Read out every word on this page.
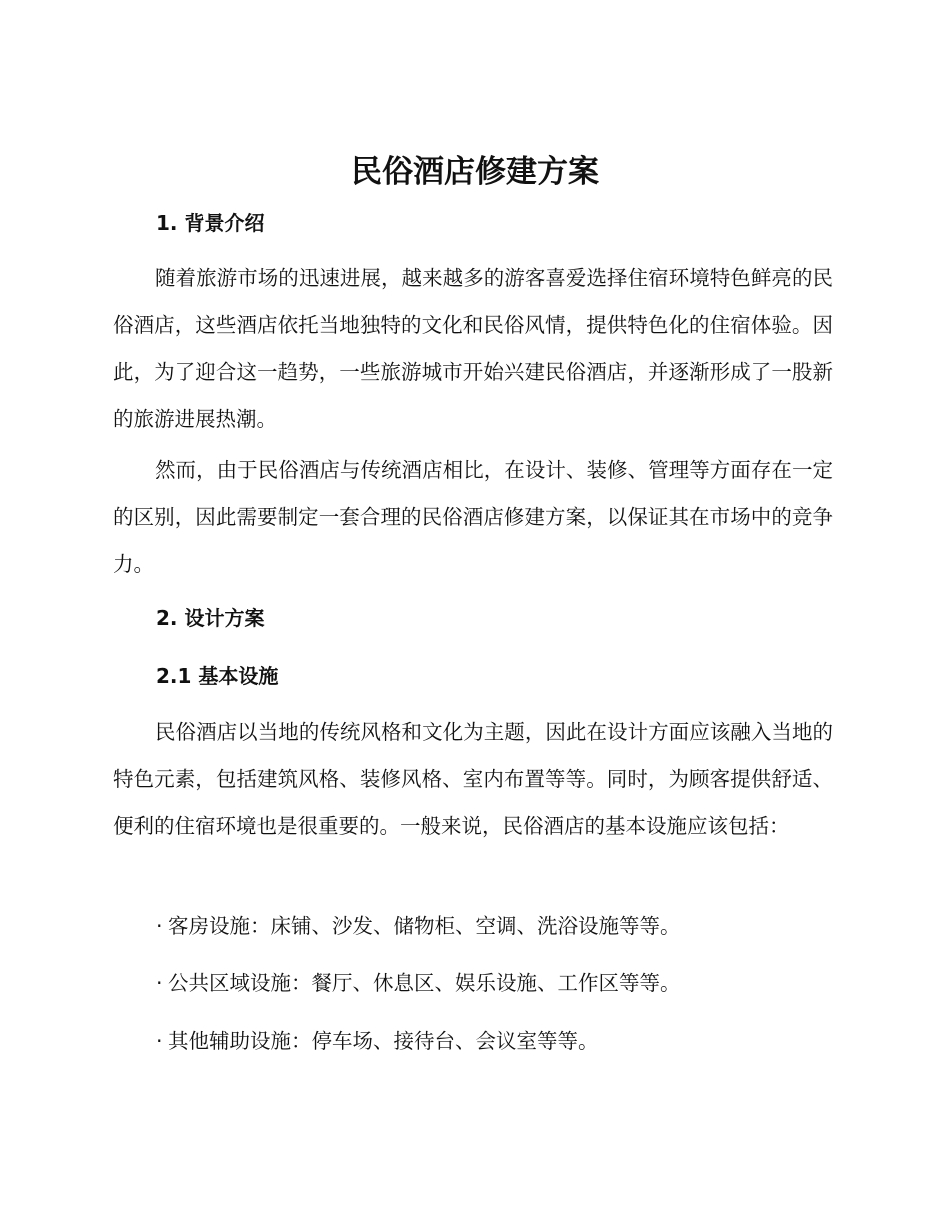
民俗酒店修建方案
1. 背景介绍

随着旅游市场的迅速进展，越来越多的游客喜爱选择住宿环境特色鲜亮的民俗酒店，这些酒店依托当地独特的文化和民俗风情，提供特色化的住宿体验。因此，为了迎合这一趋势，一些旅游城市开始兴建民俗酒店，并逐渐形成了一股新的旅游进展热潮。

然而，由于民俗酒店与传统酒店相比，在设计、装修、管理等方面存在一定的区别，因此需要制定一套合理的民俗酒店修建方案，以保证其在市场中的竞争力。

2. 设计方案
2.1 基本设施

民俗酒店以当地的传统风格和文化为主题，因此在设计方面应该融入当地的特色元素，包括建筑风格、装修风格、室内布置等等。同时，为顾客提供舒适、便利的住宿环境也是很重要的。一般来说，民俗酒店的基本设施应该包括：

· 客房设施：床铺、沙发、储物柜、空调、洗浴设施等等。

· 公共区域设施：餐厅、休息区、娱乐设施、工作区等等。

· 其他辅助设施：停车场、接待台、会议室等等。
